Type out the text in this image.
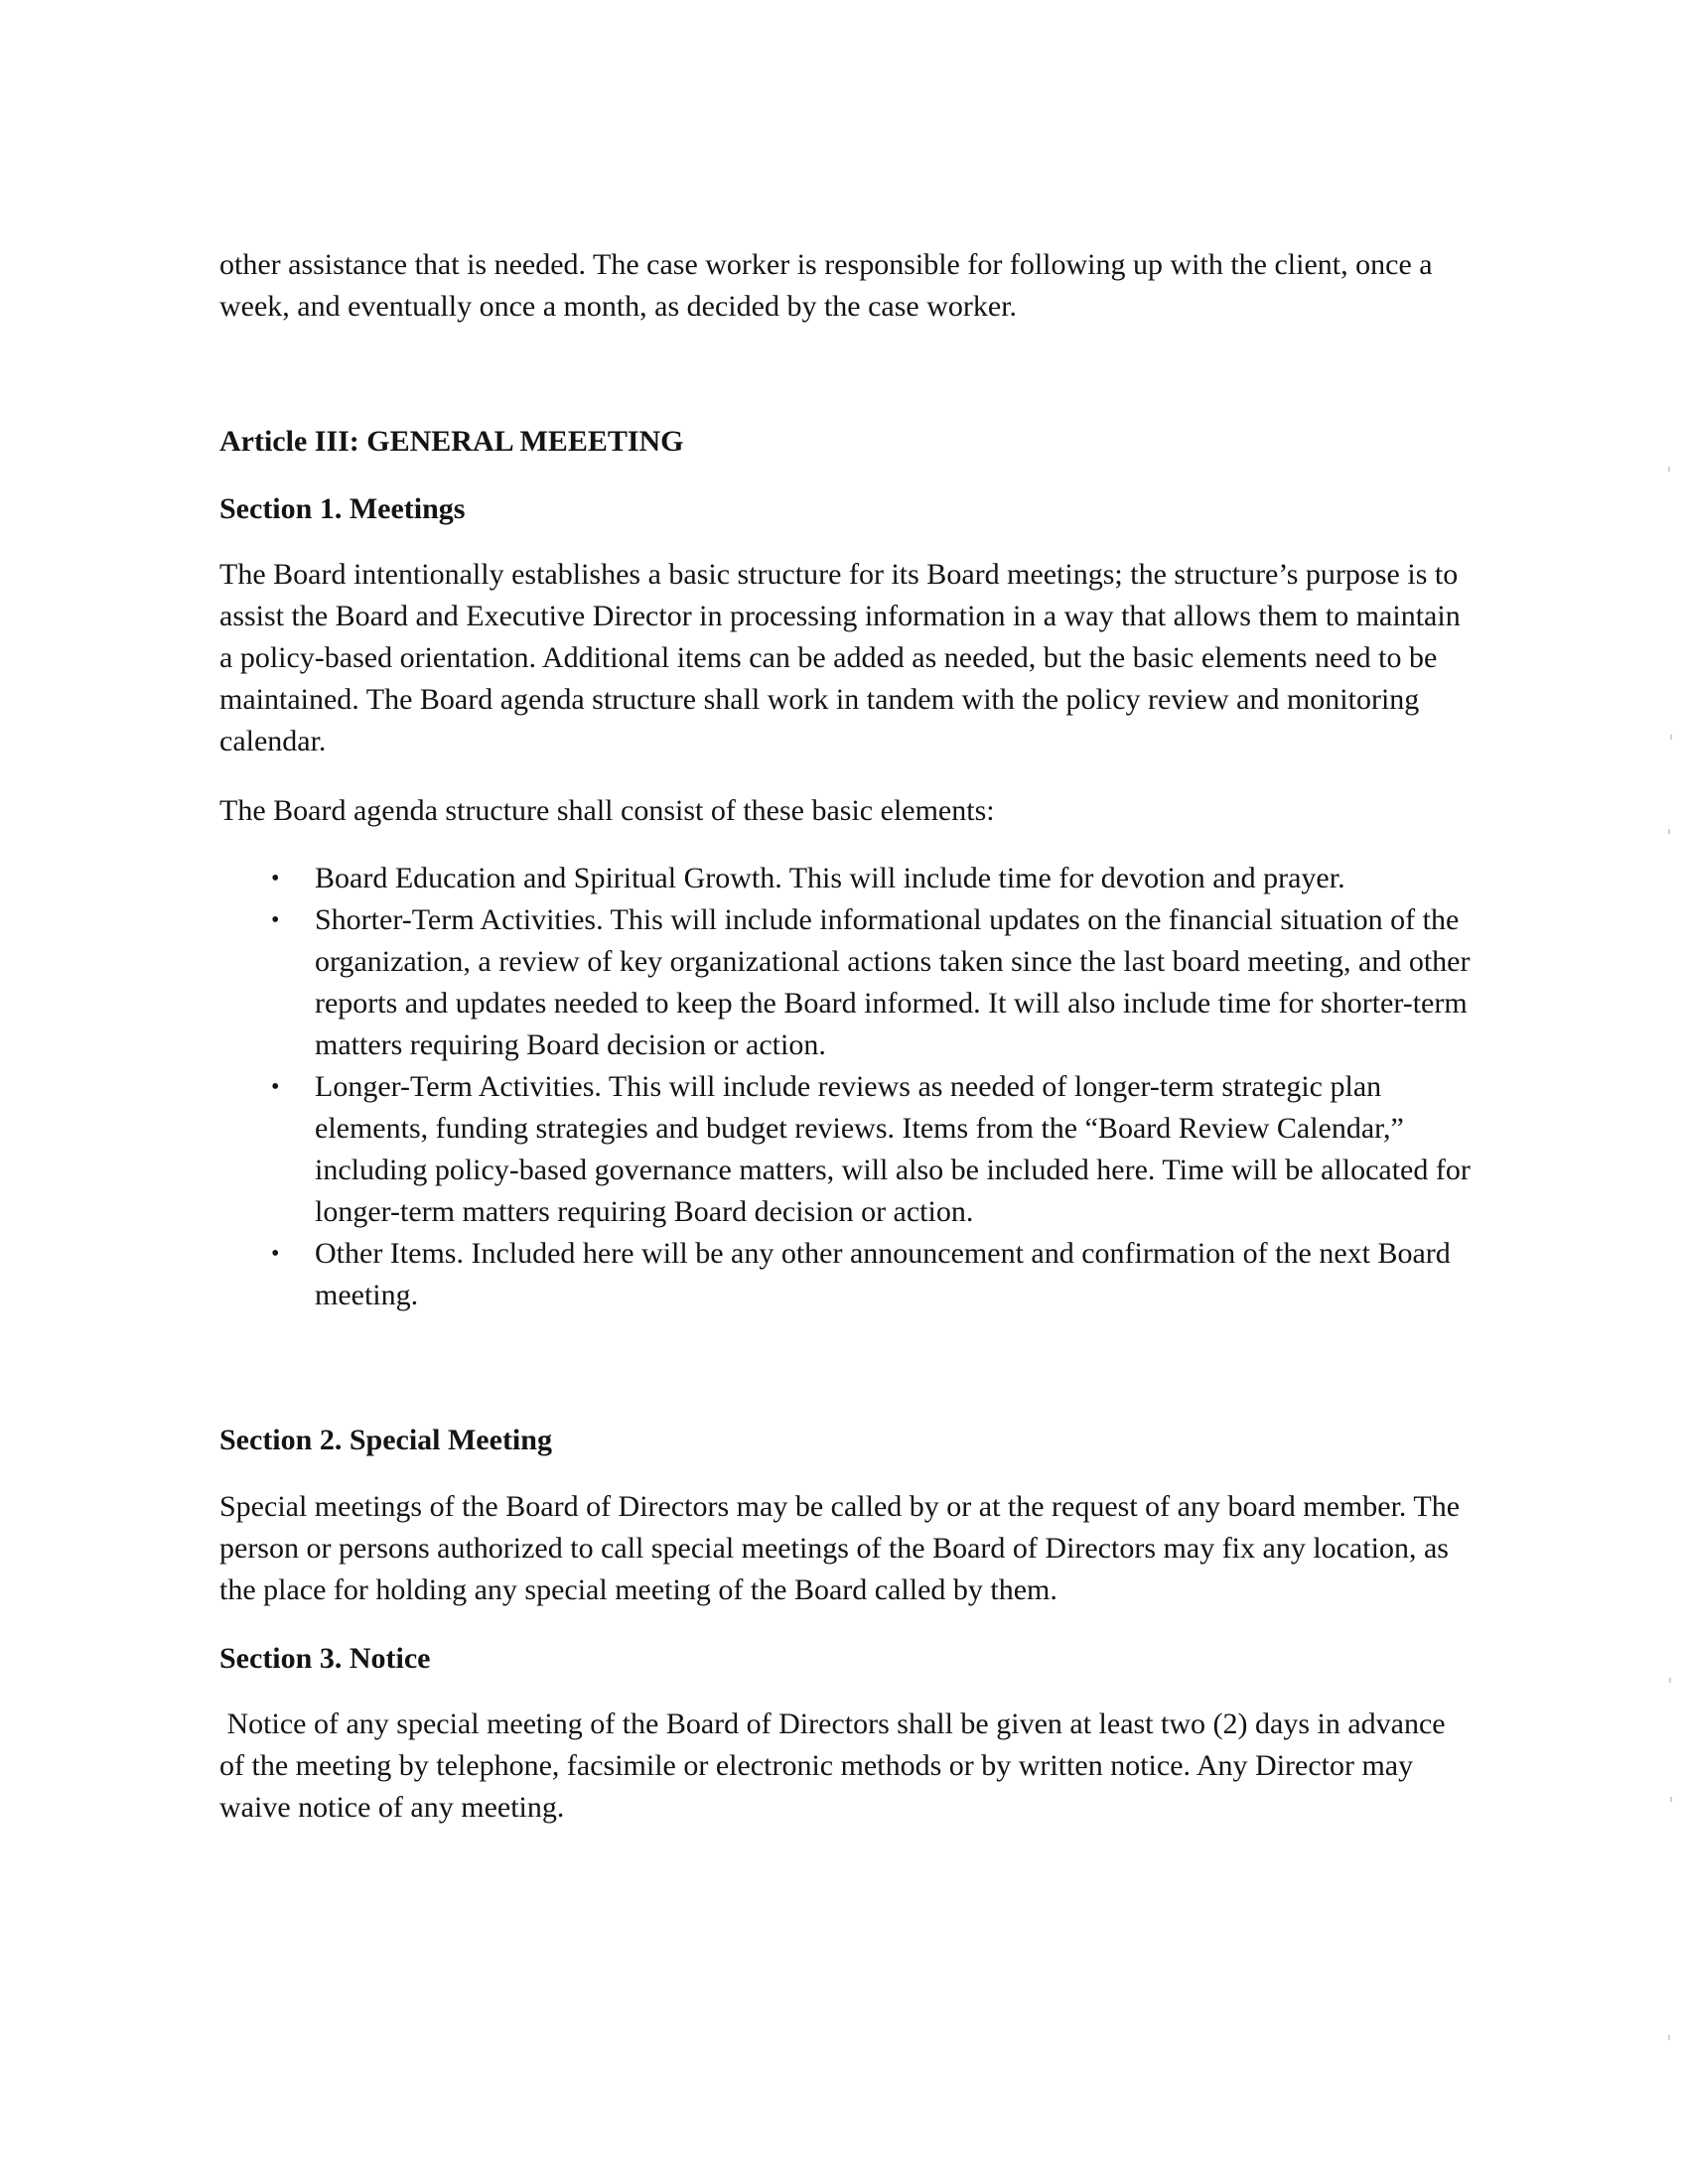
other assistance that is needed. The case worker is responsible for following up with the client, once a week, and eventually once a month, as decided by the case worker.

Article III: GENERAL MEEETING

Section 1. Meetings

The Board intentionally establishes a basic structure for its Board meetings; the structure’s purpose is to assist the Board and Executive Director in processing information in a way that allows them to maintain a policy-based orientation. Additional items can be added as needed, but the basic elements need to be maintained. The Board agenda structure shall work in tandem with the policy review and monitoring calendar.

The Board agenda structure shall consist of these basic elements:

• Board Education and Spiritual Growth. This will include time for devotion and prayer.
• Shorter-Term Activities. This will include informational updates on the financial situation of the organization, a review of key organizational actions taken since the last board meeting, and other reports and updates needed to keep the Board informed. It will also include time for shorter-term matters requiring Board decision or action.
• Longer-Term Activities. This will include reviews as needed of longer-term strategic plan elements, funding strategies and budget reviews. Items from the “Board Review Calendar,” including policy-based governance matters, will also be included here. Time will be allocated for longer-term matters requiring Board decision or action.
• Other Items. Included here will be any other announcement and confirmation of the next Board meeting.

Section 2. Special Meeting

Special meetings of the Board of Directors may be called by or at the request of any board member. The person or persons authorized to call special meetings of the Board of Directors may fix any location, as the place for holding any special meeting of the Board called by them.

Section 3. Notice

Notice of any special meeting of the Board of Directors shall be given at least two (2) days in advance of the meeting by telephone, facsimile or electronic methods or by written notice. Any Director may waive notice of any meeting.
